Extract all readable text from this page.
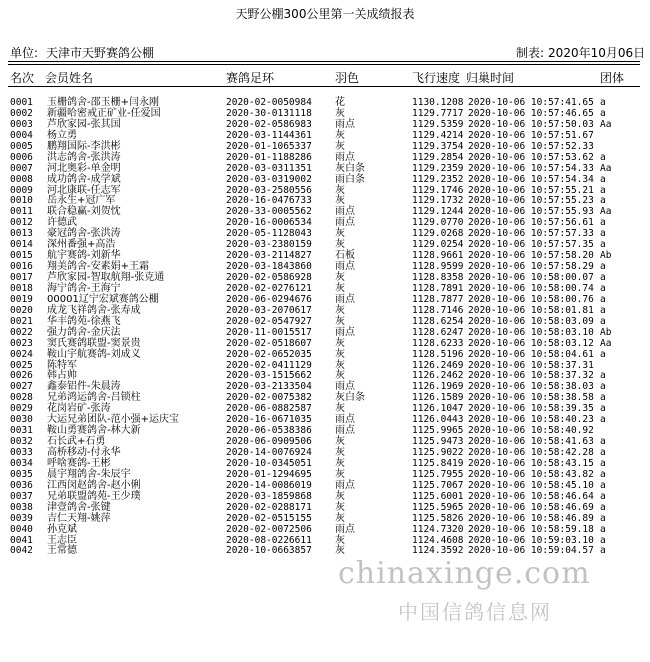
天野公棚300公里第一关成绩报表
单位: 天津市天野赛鸽公棚	制表: 2020年10月06日
名次 会员姓名	赛鸽足环	羽色	飞行速度 归巢时间	团体
0001 玉栅鸽舍-邵玉栅+闫永刚	2020-02-0050984 花	1130.1208 2020-10-06 10:57:41.65 a
0002 新疆哈密戒正矿业-任爱国	2020-30-0131118 灰	1129.7717 2020-10-06 10:57:46.65 a
0003 芦欣家园-张其国	2020-02-0586983 雨点	1129.5359 2020-10-06 10:57:50.03 Aa
0004 杨立勇	2020-03-1144361 灰	1129.4214 2020-10-06 10:57:51.67
0005 鹏翔国际-李洪彬	2020-01-1065337 灰	1129.3754 2020-10-06 10:57:52.33
0006 洪志鸽舍-张洪涛	2020-01-1188286 雨点	1129.2854 2020-10-06 10:57:53.62 a
0007 河北奥彩-单金明	2020-03-0311351 灰白条	1129.2359 2020-10-06 10:57:54.33 Aa
0008 成功鸽舍-成学斌	2020-03-0319002 雨白条	1129.2352 2020-10-06 10:57:54.34 a
0009 河北康联-任志军	2020-03-2580556 灰	1129.1746 2020-10-06 10:57:55.21 a
0010 岳永生+冠广军	2020-16-0476733 灰	1129.1732 2020-10-06 10:57:55.23 a
0011 联合稳赢-刘贺忱	2020-33-0005562 雨点	1129.1244 2020-10-06 10:57:55.93 Aa
0012 许德武	2020-16-0006534 雨点	1129.0770 2020-10-06 10:57:56.61 a
0013 豪冠鸽舍-张洪涛	2020-05-1128043 灰	1129.0268 2020-10-06 10:57:57.33 a
0014 深州番强+高浩	2020-03-2380159 灰	1129.0254 2020-10-06 10:57:57.35 a
0015 航宇赛鸽-刘新华	2020-03-2114827 石板	1128.9661 2020-10-06 10:57:58.20 Ab
0016 翔美鸽舍-安素娟+王霜	2020-03-1843860 雨点	1128.9599 2020-10-06 10:57:58.29 a
0017 芦欣家园-智取航翔-张克通	2020-02-0586928 灰	1128.8358 2020-10-06 10:58:00.07 a
0018 海宁鸽舍-王海宁	2020-02-0276121 灰	1128.7891 2020-10-06 10:58:00.74 a
0019 00001辽宁宏斌赛鸽公棚	2020-06-0294676 雨点	1128.7877 2020-10-06 10:58:00.76 a
0020 成龙飞祥鸽舍-张寿成	2020-03-2070617 灰	1128.7146 2020-10-06 10:58:01.81 a
0021 华丰鸽苑-徐燕飞	2020-02-0547927 灰	1128.6254 2020-10-06 10:58:03.09 a
0022 强力鸽舍-金庆法	2020-11-0015517 雨点	1128.6247 2020-10-06 10:58:03.10 Ab
0023 窦氏赛鸽联盟-窦景贵	2020-02-0518607 灰	1128.6233 2020-10-06 10:58:03.12 Aa
0024 鞍山宇航赛鸽-刘成义	2020-02-0652035 灰	1128.5196 2020-10-06 10:58:04.61 a
0025 陈特军	2020-02-0411129 灰	1126.2469 2020-10-06 10:58:37.31
0026 韩占帅	2020-03-1515662 灰	1126.2462 2020-10-06 10:58:37.32 a
0027 鑫泰铝件-朱晨涛	2020-03-2133504 雨点	1126.1969 2020-10-06 10:58:38.03 a
0028 兄弟鸿运鸽舍-吕锁柱	2020-02-0075382 灰白条	1126.1589 2020-10-06 10:58:38.58 a
0029 花岗岩矿-张涛	2020-06-0882587 灰	1126.1047 2020-10-06 10:58:39.35 a
0030 大运兄弟团队-范小强+运庆宝	2020-16-0671035 雨点	1126.0443 2020-10-06 10:58:40.23 a
0031 鞍山勇赛鸽舍-林大新	2020-06-0538386 雨点	1125.9965 2020-10-06 10:58:40.92
0032 石长武+石勇	2020-06-0909506 灰	1125.9473 2020-10-06 10:58:41.63 a
0033 高桥移动-付永华	2020-14-0076924 灰	1125.9022 2020-10-06 10:58:42.28 a
0034 呼啥赛鸽-王彬	2020-10-0345051 灰	1125.8419 2020-10-06 10:58:43.15 a
0035 晨宇翔鸽舍-朱辰宇	2020-01-1294695 灰	1125.7955 2020-10-06 10:58:43.82 a
0036 江西闵赵鸽舍-赵小俐	2020-14-0086019 雨点	1125.7067 2020-10-06 10:58:45.10 a
0037 兄弟联盟鸽苑-王少璞	2020-03-1859868 灰	1125.6001 2020-10-06 10:58:46.64 a
0038 津壹鸽舍-张键	2020-02-0288171 灰	1125.5965 2020-10-06 10:58:46.69 a
0039 吉仁天翔-姚萍	2020-02-0515155 灰	1125.5826 2020-10-06 10:58:46.89 a
0040 孙克斌	2020-02-0072506 雨点	1124.7320 2020-10-06 10:58:59.18 a
0041 王志臣	2020-08-0226611 灰	1124.4608 2020-10-06 10:59:03.10 a
0042 王常德	2020-10-0663857 灰	1124.3592 2020-10-06 10:59:04.57 a
chinaxinge.com
中国信鸽信息网
